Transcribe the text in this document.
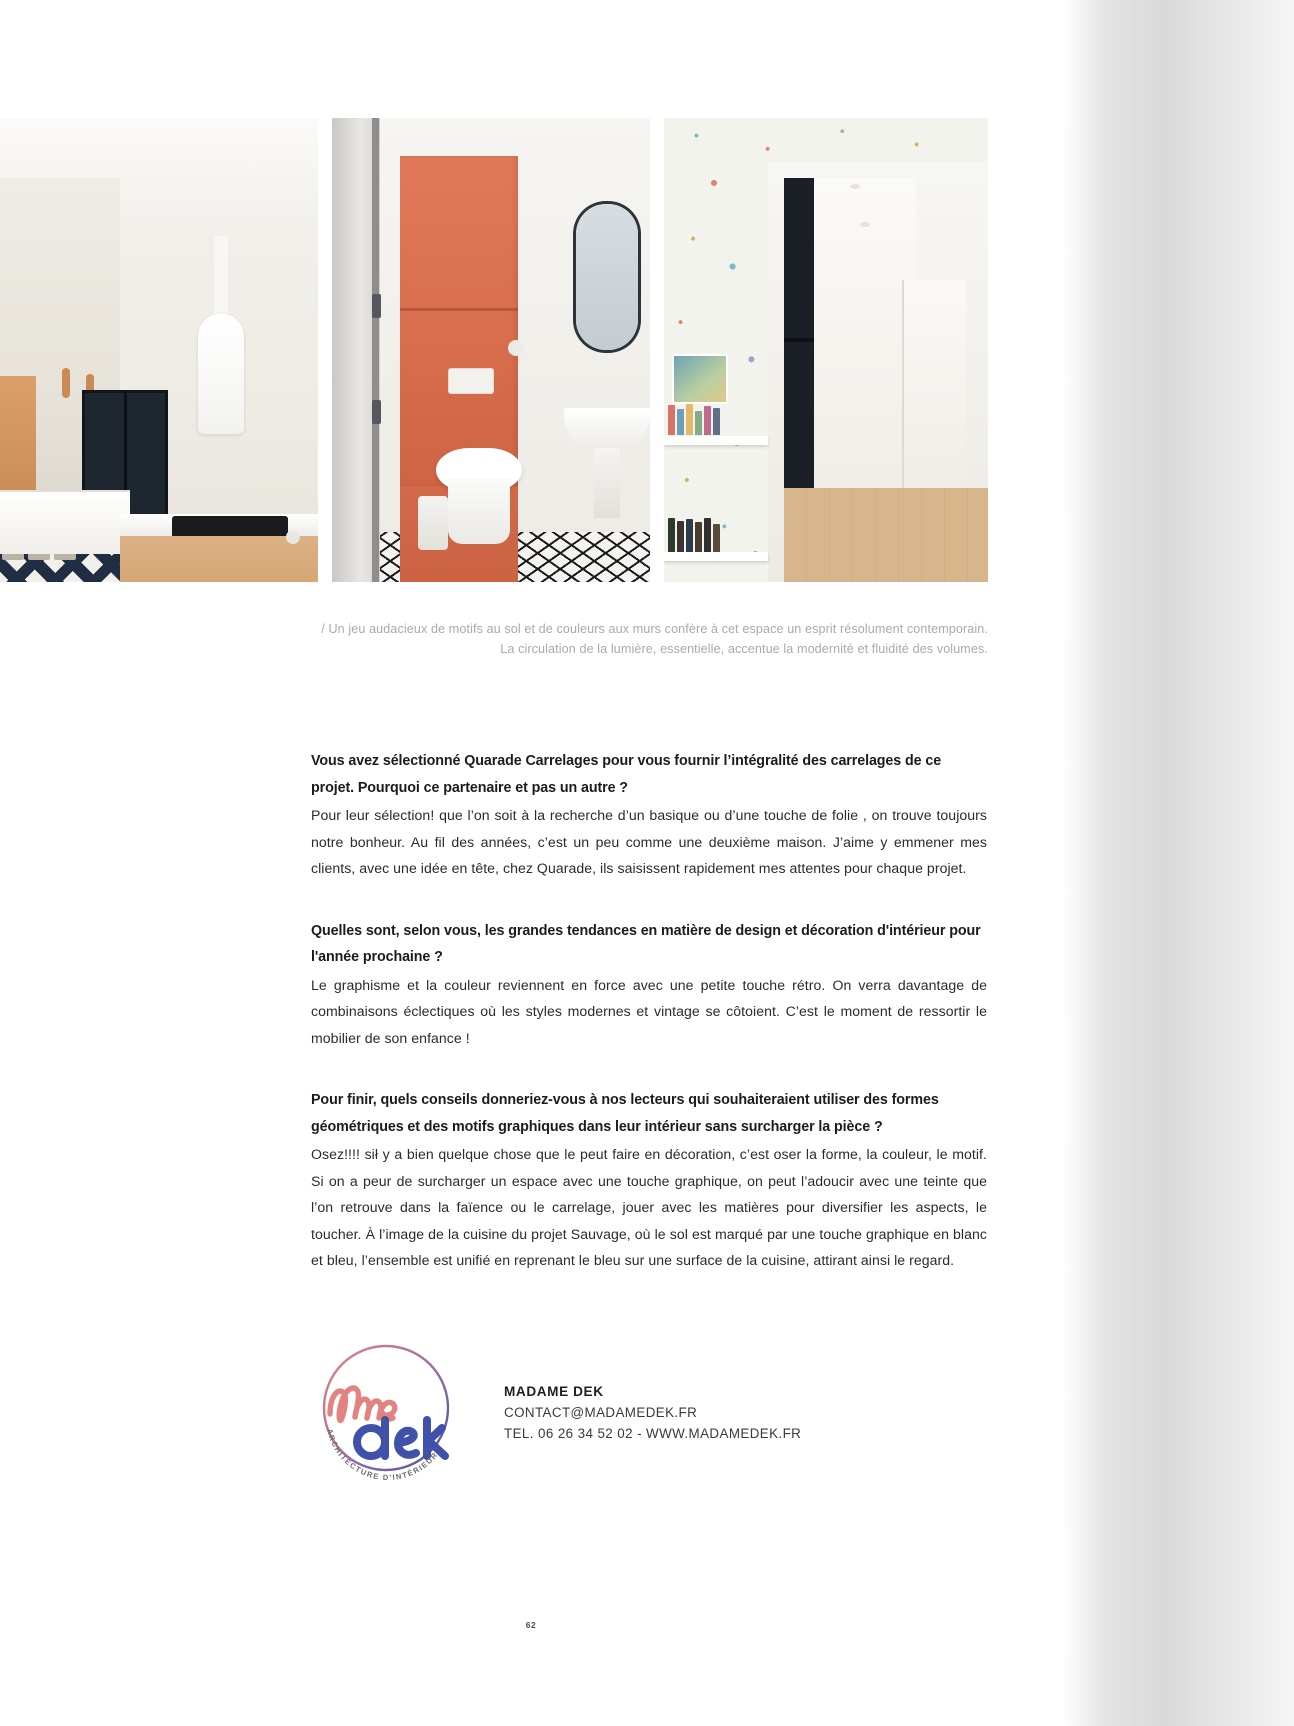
/ Un jeu audacieux de motifs au sol et de couleurs aux murs confère à cet espace un esprit résolument contemporain. La circulation de la lumière, essentielle, accentue la modernité et fluidité des volumes.

Vous avez sélectionné Quarade Carrelages pour vous fournir l’intégralité des carrelages de ce projet. Pourquoi ce partenaire et pas un autre ?

Pour leur sélection! que l’on soit à la recherche d’un basique ou d’une touche de folie , on trouve toujours notre bonheur. Au fil des années, c’est un peu comme une deuxième maison. J’aime y emmener mes clients, avec une idée en tête, chez Quarade, ils saisissent rapidement mes attentes pour chaque projet.

Quelles sont, selon vous, les grandes tendances en matière de design et décoration d'intérieur pour l'année prochaine ?

Le graphisme et la couleur reviennent en force avec une petite touche rétro. On verra davantage de combinaisons éclectiques où les styles modernes et vintage se côtoient. C’est le moment de ressortir le mobilier de son enfance !

Pour finir, quels conseils donneriez-vous à nos lecteurs qui souhaiteraient utiliser des formes géométriques et des motifs graphiques dans leur intérieur sans surcharger la pièce ?

Osez!!!! sił y a bien quelque chose que le peut faire en décoration, c’est oser la forme, la couleur, le motif. Si on a peur de surcharger un espace avec une touche graphique, on peut l’adoucir avec une teinte que l’on retrouve dans la faïence ou le carrelage, jouer avec les matières pour diversifier les aspects, le toucher. À l’image de la cuisine du projet Sauvage, où le sol est marqué par une touche graphique en blanc et bleu, l’ensemble est unifié en reprenant le bleu sur une surface de la cuisine, attirant ainsi le regard.

ARCHITECTURE D'INTÉRIEUR
MADAME DEK
CONTACT@MADAMEDEK.FR
TEL. 06 26 34 52 02 - WWW.MADAMEDEK.FR
62
